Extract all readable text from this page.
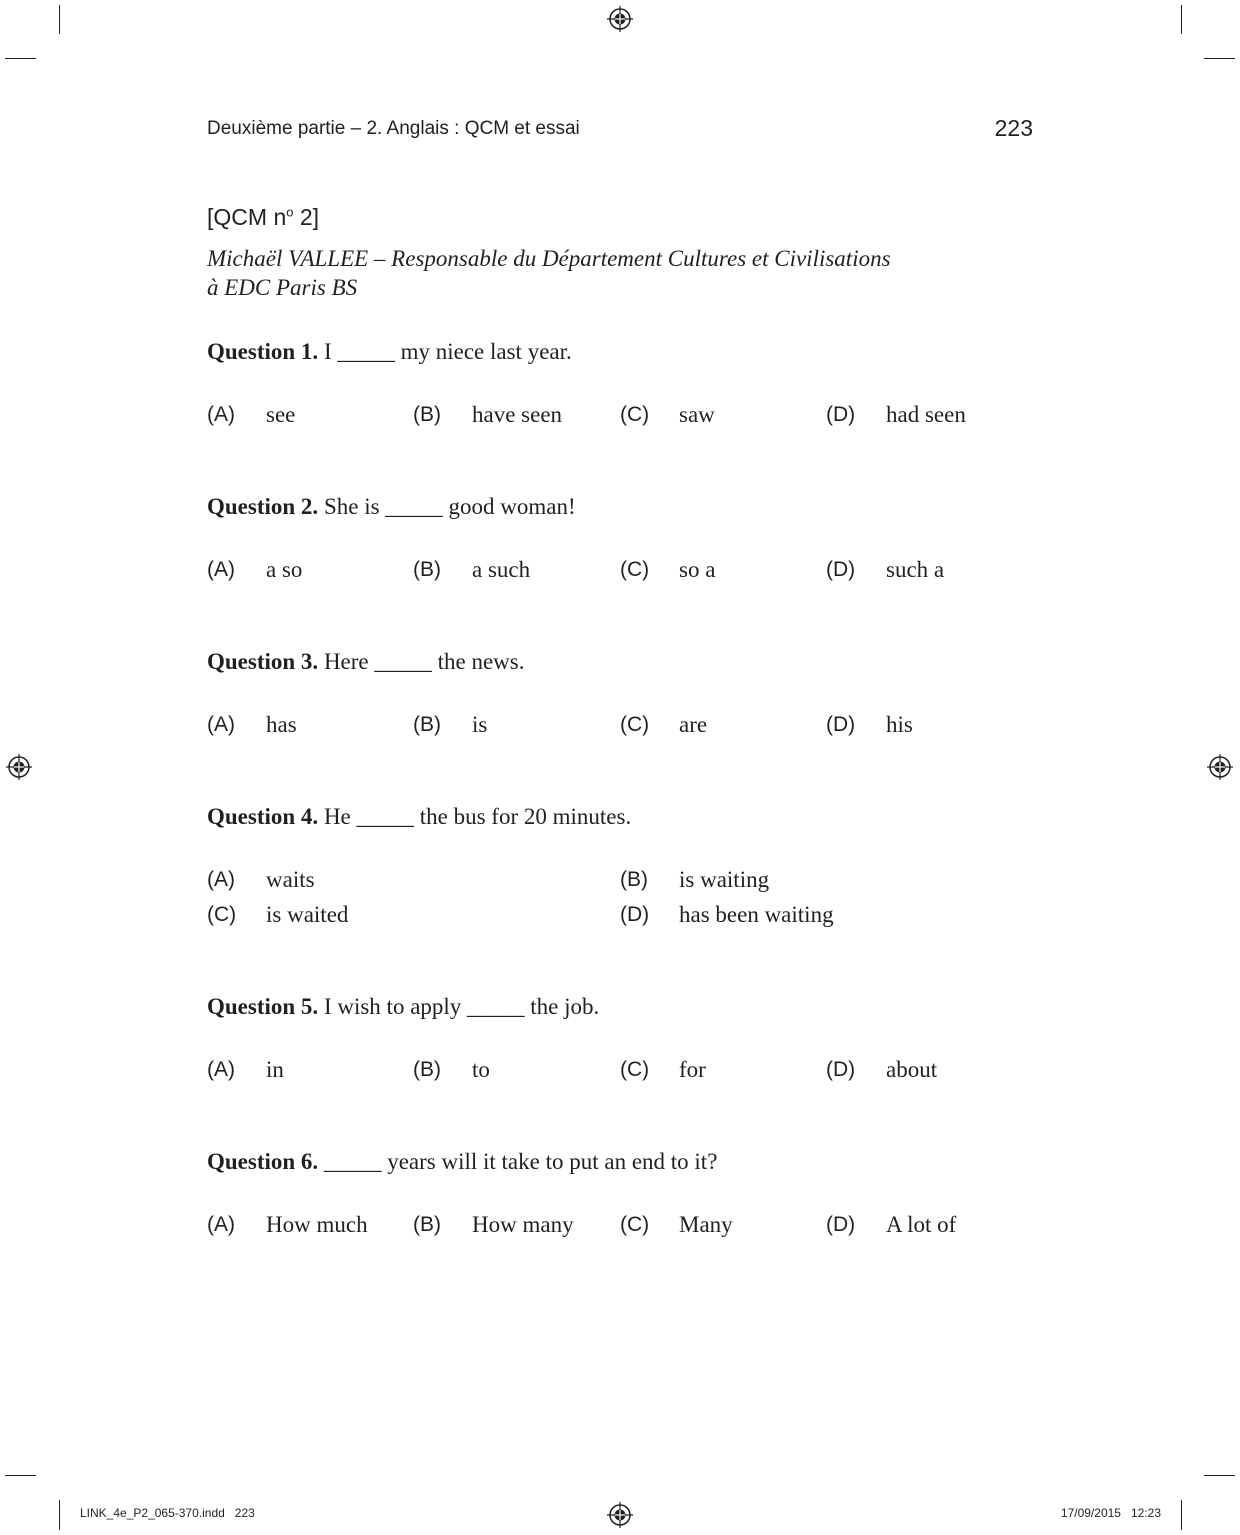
Deuxième partie – 2. Anglais : QCM et essai	223
[QCM $n^o$ 2]
Michaël VALLEE – Responsable du Département Cultures et Civilisations
à EDC Paris BS
Question 1. I _____ my niece last year.
(A) see	(B) have seen	(C) saw	(D) had seen
Question 2. She is _____ good woman!
(A) a so	(B) a such	(C) so a	(D) such a
Question 3. Here _____ the news.
(A) has	(B) is	(C) are	(D) his
Question 4. He _____ the bus for 20 minutes.
(A) waits	(B) is waiting
(C) is waited	(D) has been waiting
Question 5. I wish to apply _____ the job.
(A) in	(B) to	(C) for	(D) about
Question 6. _____ years will it take to put an end to it?
(A) How much (B) How many (C) Many	(D) A lot of
LINK_4e_P2_065-370.indd   223	17/09/2015   12:23
